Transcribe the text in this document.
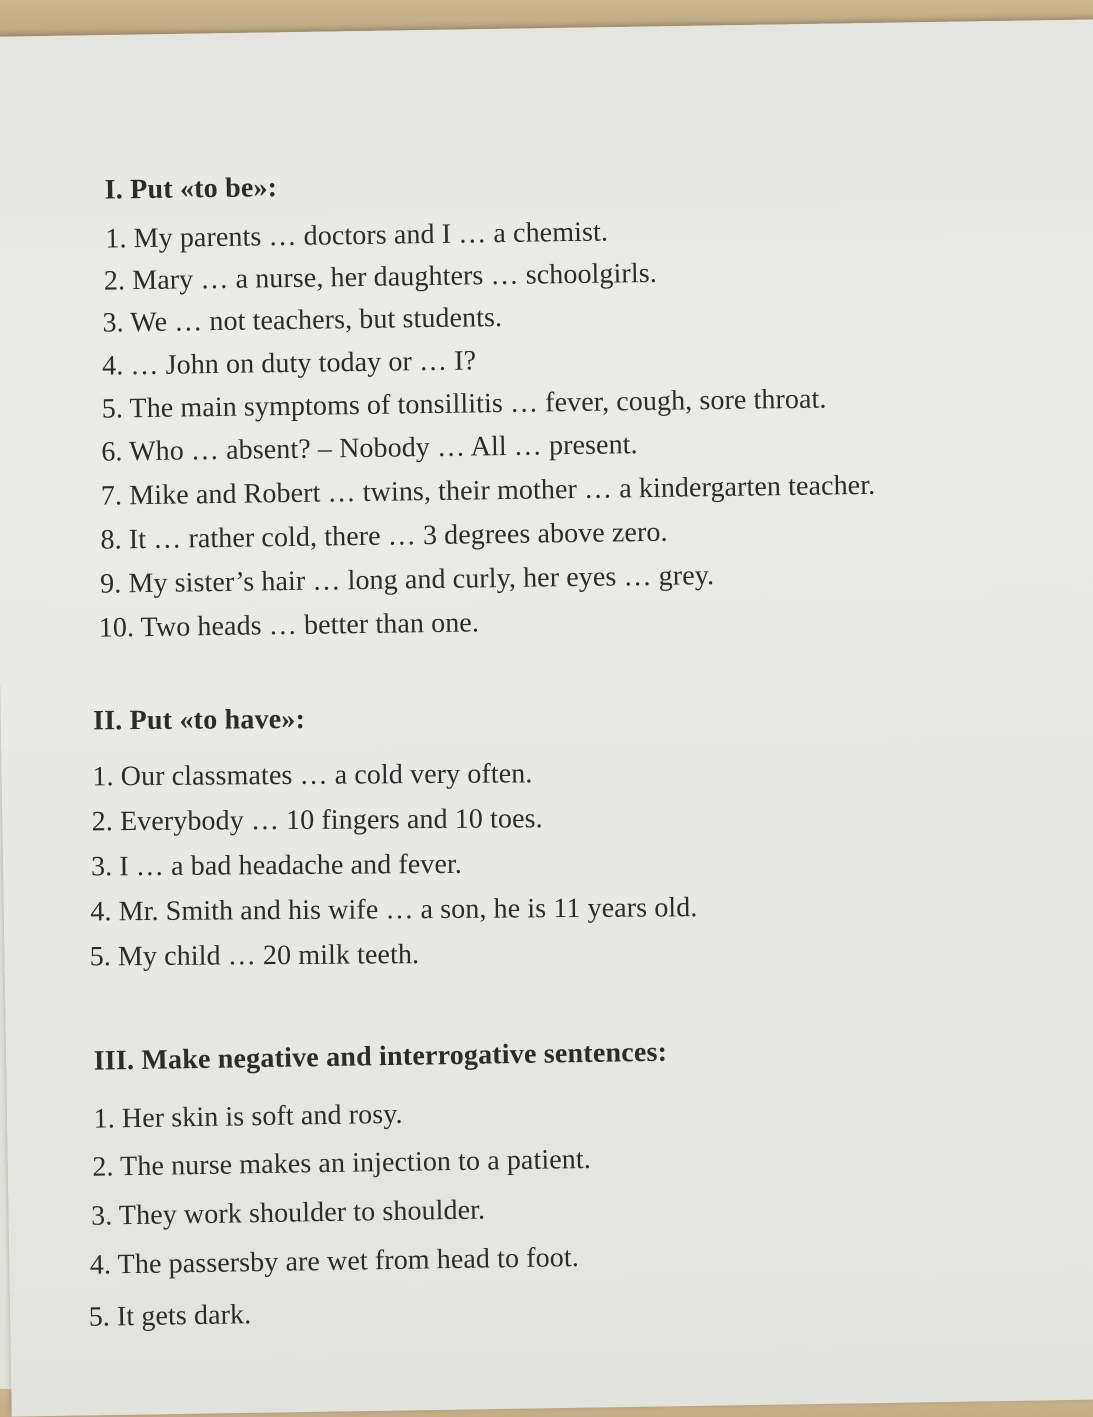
I. Put «to be»:
1. My parents … doctors and I … a chemist.
2. Mary … a nurse, her daughters … schoolgirls.
3. We … not teachers, but students.
4. … John on duty today or … I?
5. The main symptoms of tonsillitis … fever, cough, sore throat.
6. Who … absent? – Nobody … All … present.
7. Mike and Robert … twins, their mother … a kindergarten teacher.
8. It … rather cold, there … 3 degrees above zero.
9. My sister’s hair … long and curly, her eyes … grey.
10. Two heads … better than one.
II. Put «to have»:
1. Our classmates … a cold very often.
2. Everybody … 10 fingers and 10 toes.
3. I … a bad headache and fever.
4. Mr. Smith and his wife … a son, he is 11 years old.
5. My child … 20 milk teeth.
III. Make negative and interrogative sentences:
1. Her skin is soft and rosy.
2. The nurse makes an injection to a patient.
3. They work shoulder to shoulder.
4. The passersby are wet from head to foot.
5. It gets dark.
